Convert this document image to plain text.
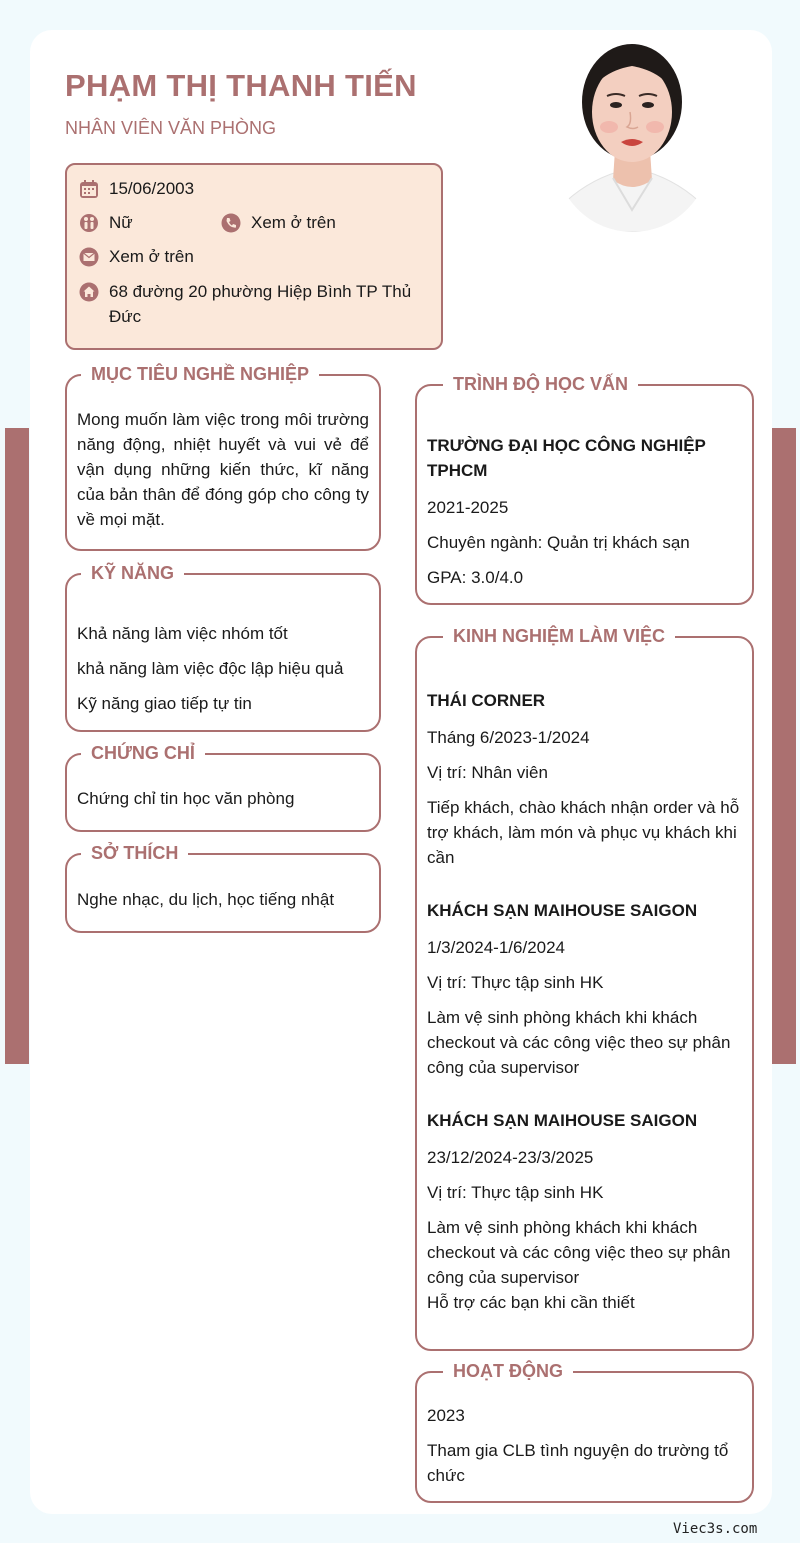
PHẠM THỊ THANH TIẾN
NHÂN VIÊN VĂN PHÒNG
15/06/2003
Nữ	Xem ở trên
Xem ở trên
68 đường 20 phường Hiệp Bình TP Thủ Đức
MỤC TIÊU NGHỀ NGHIỆP
Mong muốn làm việc trong môi trường năng động, nhiệt huyết và vui vẻ để vận dụng những kiến thức, kĩ năng của bản thân để đóng góp cho công ty về mọi mặt.
KỸ NĂNG

Khả năng làm việc nhóm tốt

khả năng làm việc độc lập hiệu quả

Kỹ năng giao tiếp tự tin

CHỨNG CHỈ
Chứng chỉ tin học văn phòng
SỞ THÍCH
Nghe nhạc, du lịch, học tiếng nhật
TRÌNH ĐỘ HỌC VẤN

TRƯỜNG ĐẠI HỌC CÔNG NGHIỆP TPHCM

2021-2025

Chuyên ngành: Quản trị khách sạn

GPA: 3.0/4.0

KINH NGHIỆM LÀM VIỆC

THÁI CORNER

Tháng 6/2023-1/2024

Vị trí: Nhân viên

Tiếp khách, chào khách nhận order và hỗ trợ khách, làm món và phục vụ khách khi cần

KHÁCH SẠN MAIHOUSE SAIGON

1/3/2024-1/6/2024

Vị trí: Thực tập sinh HK

Làm vệ sinh phòng khách khi khách checkout và các công việc theo sự phân công của supervisor

KHÁCH SẠN MAIHOUSE SAIGON

23/12/2024-23/3/2025

Vị trí: Thực tập sinh HK

Làm vệ sinh phòng khách khi khách checkout và các công việc theo sự phân công của supervisor

Hỗ trợ các bạn khi cần thiết

HOẠT ĐỘNG

2023

Tham gia CLB tình nguyện do trường tổ chức

Viec3s.com
